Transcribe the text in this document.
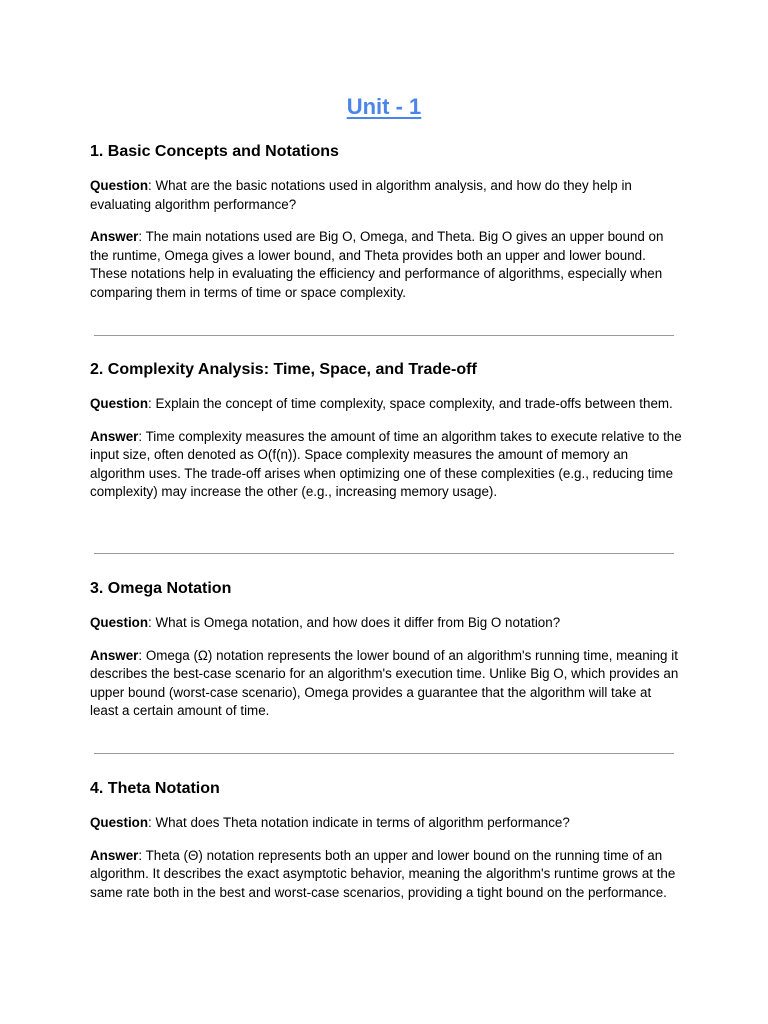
Unit - 1
1. Basic Concepts and Notations

Question: What are the basic notations used in algorithm analysis, and how do they help in evaluating algorithm performance?

Answer: The main notations used are Big O, Omega, and Theta. Big O gives an upper bound on the runtime, Omega gives a lower bound, and Theta provides both an upper and lower bound. These notations help in evaluating the efficiency and performance of algorithms, especially when comparing them in terms of time or space complexity.

2. Complexity Analysis: Time, Space, and Trade-off

Question: Explain the concept of time complexity, space complexity, and trade-offs between them.

Answer: Time complexity measures the amount of time an algorithm takes to execute relative to the input size, often denoted as O(f(n)). Space complexity measures the amount of memory an algorithm uses. The trade-off arises when optimizing one of these complexities (e.g., reducing time complexity) may increase the other (e.g., increasing memory usage).

3. Omega Notation

Question: What is Omega notation, and how does it differ from Big O notation?

Answer: Omega (Ω) notation represents the lower bound of an algorithm's running time, meaning it describes the best-case scenario for an algorithm's execution time. Unlike Big O, which provides an upper bound (worst-case scenario), Omega provides a guarantee that the algorithm will take at least a certain amount of time.

4. Theta Notation

Question: What does Theta notation indicate in terms of algorithm performance?

Answer: Theta (Θ) notation represents both an upper and lower bound on the running time of an algorithm. It describes the exact asymptotic behavior, meaning the algorithm's runtime grows at the same rate both in the best and worst-case scenarios, providing a tight bound on the performance.
